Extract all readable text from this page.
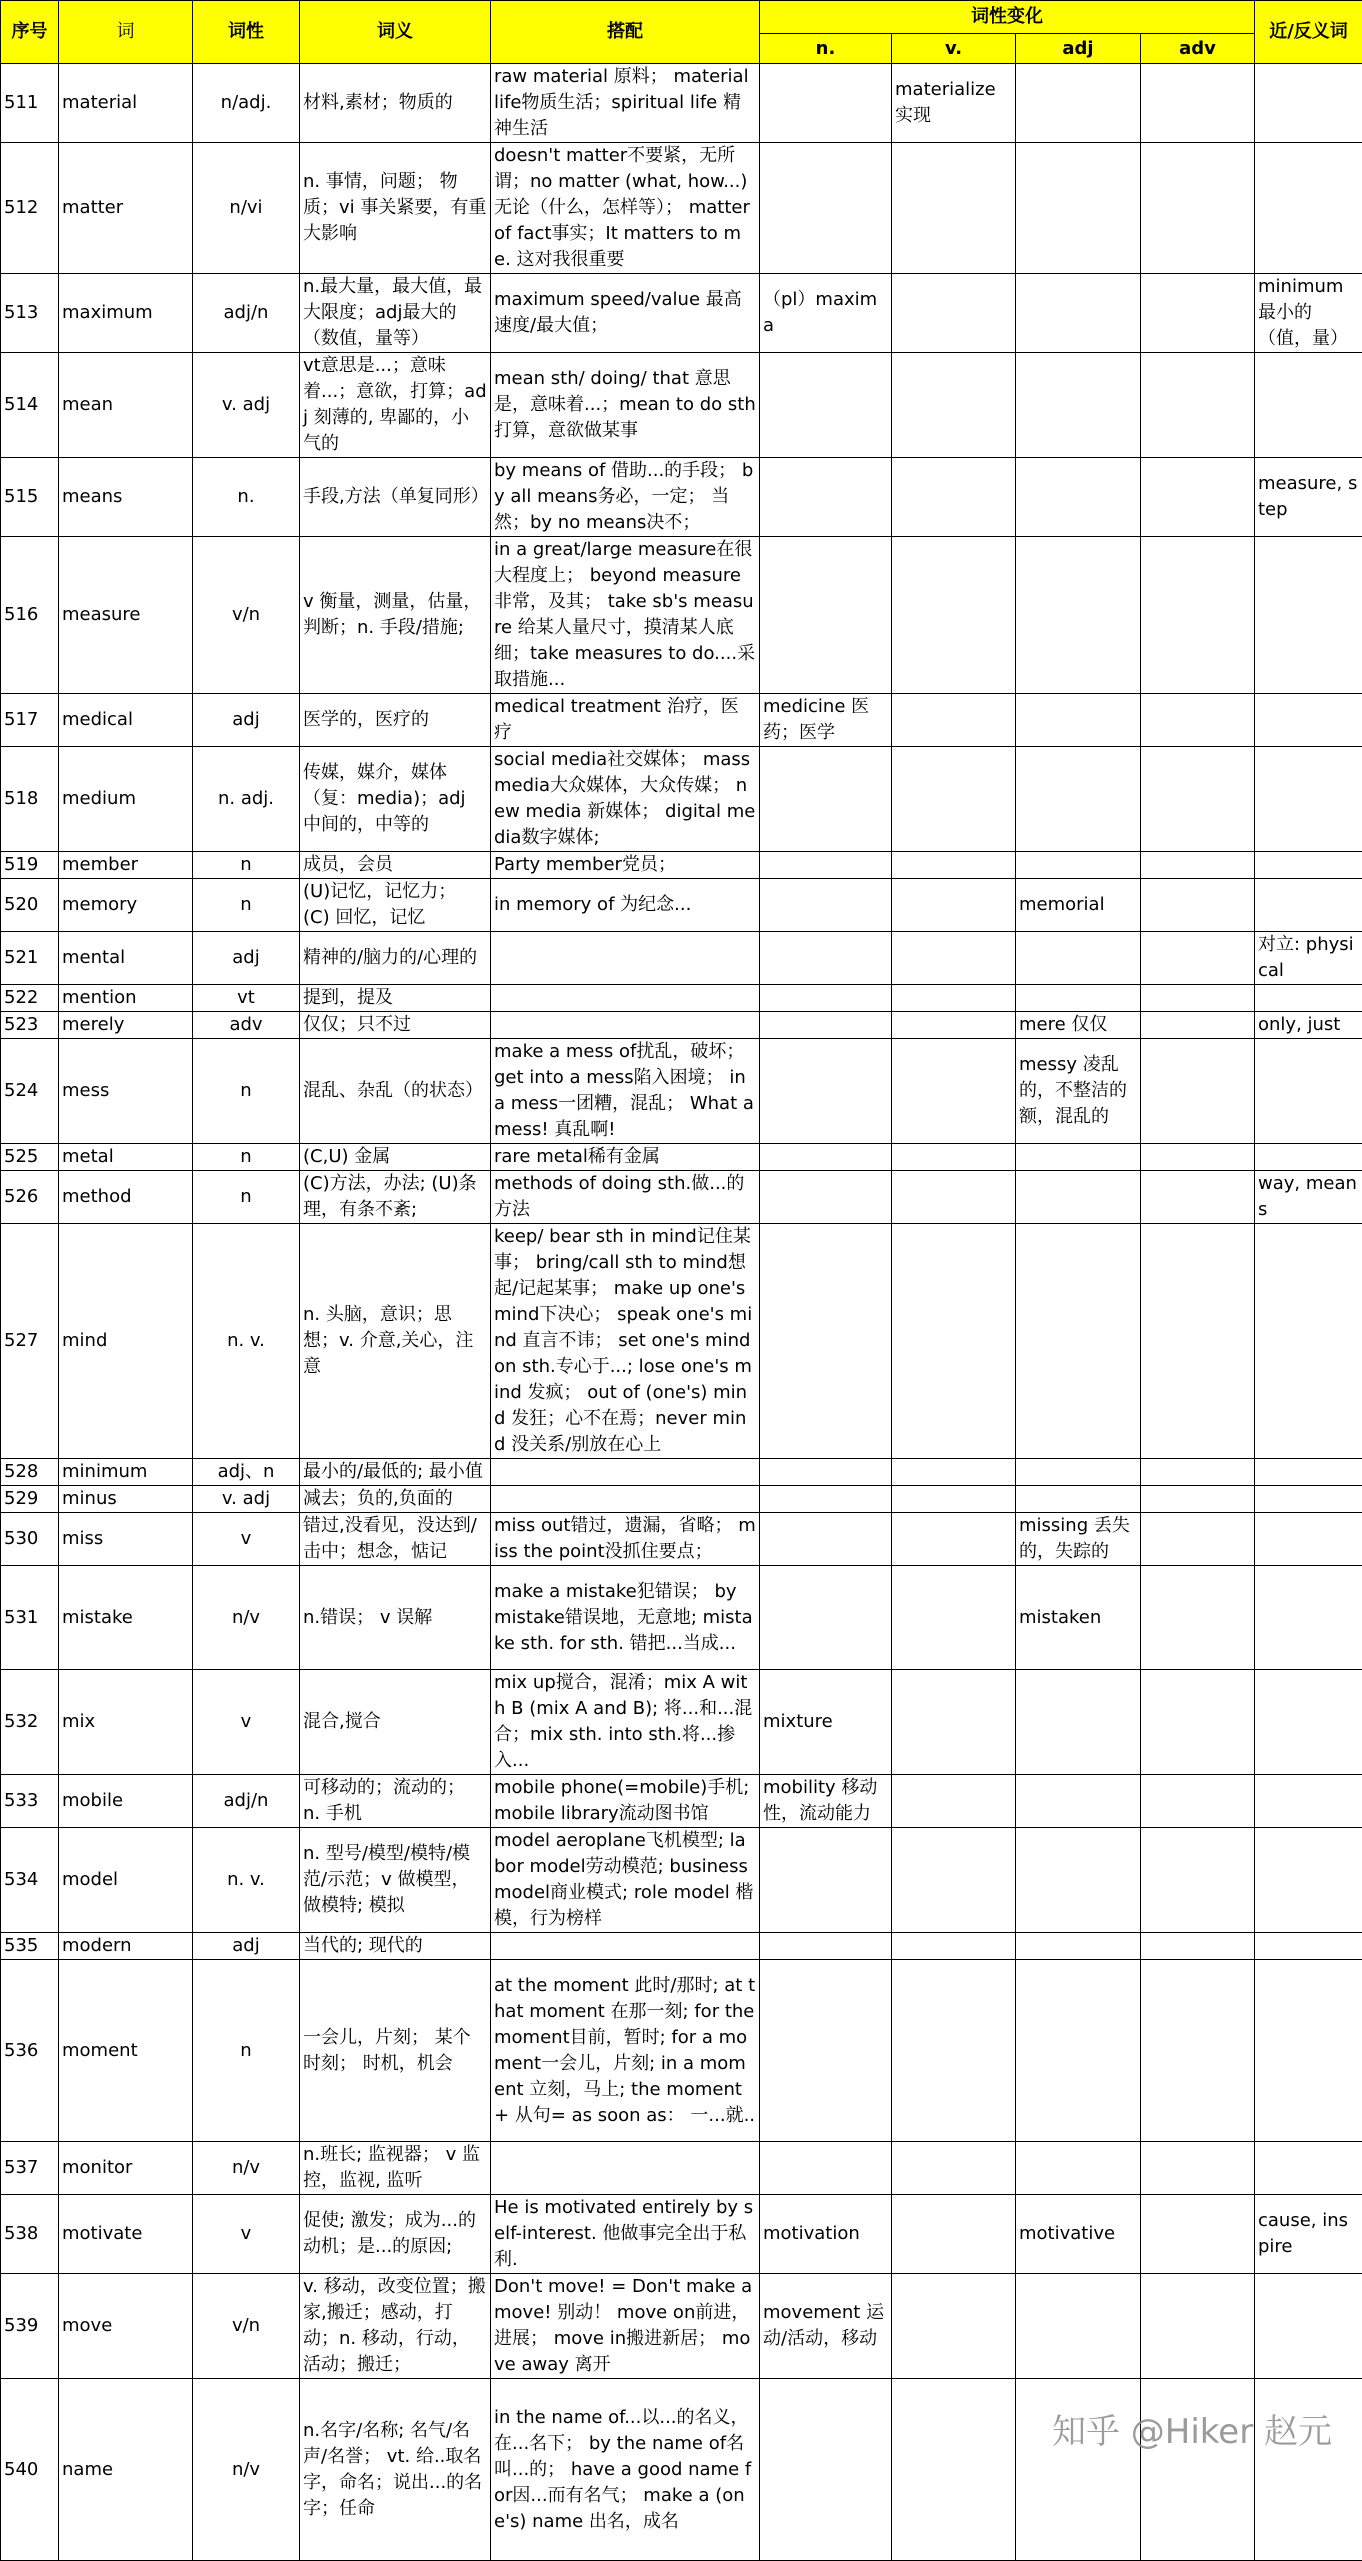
序号	词	词性	词义	搭配	词性变化				近/反义词
					n.	v.	adj	adv	
511	material	n/adj.	材料,素材；物质的	raw material 原料； material life物质生活；spiritual life 精神生活		materialize实现			
512	matter	n/vi	n. 事情，问题； 物质；vi 事关紧要，有重大影响	doesn't matter不要紧，无所谓；no matter (what, how...)无论（什么，怎样等）； matter of fact事实；It matters to me. 这对我很重要					
513	maximum	adj/n	n.最大量，最大值，最大限度；adj最大的（数值，量等）	maximum speed/value 最高速度/最大值；	（pl）maxima				minimum 最小的（值，量）
514	mean	v. adj	vt意思是...；意味着...；意欲，打算；adj 刻薄的, 卑鄙的，小气的	mean sth/ doing/ that 意思是，意味着...；mean to do sth打算，意欲做某事					
515	means	n.	手段,方法（单复同形）	by means of 借助...的手段； by all means务必，一定； 当然；by no means决不；					measure, step
516	measure	v/n	v 衡量，测量，估量，判断；n. 手段/措施;	in a great/large measure在很大程度上； beyond measure 非常，及其； take sb's measure 给某人量尺寸，摸清某人底细；take measures to do....采取措施...					
517	medical	adj	医学的，医疗的	medical treatment 治疗，医疗	medicine 医药；医学				
518	medium	n. adj.	传媒，媒介，媒体（复：media)；adj 中间的，中等的	social media社交媒体； mass media大众媒体，大众传媒； new media 新媒体； digital media数字媒体;					
519	member	n	成员，会员	Party member党员；					
520	memory	n	(U)记忆，记忆力； (C) 回忆，记忆	in memory of 为纪念...			memorial		
521	mental	adj	精神的/脑力的/心理的						对立: physical
522	mention	vt	提到，提及						
523	merely	adv	仅仅；只不过				mere 仅仅		only, just
524	mess	n	混乱、杂乱（的状态）	make a mess of扰乱，破坏； get into a mess陷入困境； in a mess一团糟，混乱； What a mess! 真乱啊!			messy 凌乱的，不整洁的额，混乱的		
525	metal	n	(C,U) 金属	rare metal稀有金属					
526	method	n	(C)方法，办法; (U)条理，有条不紊;	methods of doing sth.做...的方法					way, means
527	mind	n. v.	n. 头脑，意识；思想；v. 介意,关心，注意	keep/ bear sth in mind记住某事； bring/call sth to mind想起/记起某事； make up one's mind下决心； speak one's mind 直言不讳； set one's mind on sth.专心于...; lose one's mind 发疯； out of (one's) mind 发狂；心不在焉；never mind 没关系/别放在心上					
528	minimum	adj、n	最小的/最低的; 最小值						
529	minus	v. adj	减去；负的,负面的						
530	miss	v	错过,没看见，没达到/击中；想念，惦记	miss out错过，遗漏，省略； miss the point没抓住要点；			missing 丢失的，失踪的		
531	mistake	n/v	n.错误； v 误解	make a mistake犯错误； by mistake错误地，无意地; mistake sth. for sth. 错把...当成...			mistaken		
532	mix	v	混合,搅合	mix up搅合，混淆；mix A with B (mix A and B); 将...和...混合；mix sth. into sth.将...掺入...	mixture				
533	mobile	adj/n	可移动的；流动的； n. 手机	mobile phone(=mobile)手机; mobile library流动图书馆	mobility 移动性，流动能力				
534	model	n. v.	n. 型号/模型/模特/模范/示范；v 做模型，做模特; 模拟	model aeroplane飞机模型; labor model劳动模范; business model商业模式; role model 楷模，行为榜样					
535	modern	adj	当代的; 现代的						
536	moment	n	一会儿，片刻； 某个时刻； 时机，机会	at the moment 此时/那时; at that moment 在那一刻; for the moment目前，暂时; for a moment一会儿，片刻; in a moment 立刻，马上; the moment+ 从句= as soon as： 一...就..					
537	monitor	n/v	n.班长; 监视器； v 监控，监视, 监听						
538	motivate	v	促使; 激发；成为...的动机；是...的原因;	He is motivated entirely by self-interest. 他做事完全出于私利.	motivation		motivative		cause, inspire
539	move	v/n	v. 移动，改变位置；搬家,搬迁；感动，打动；n. 移动，行动，活动；搬迁；	Don't move! = Don't make a move! 别动！ move on前进，进展； move in搬进新居； move away 离开	movement 运动/活动，移动				
540	name	n/v	n.名字/名称; 名气/名声/名誉； vt. 给..取名字，命名；说出...的名字；任命	in the name of...以...的名义，在...名下； by the name of名叫...的； have a good name for因...而有名气； make a (one's) name 出名，成名					
知乎 @Hiker 赵元
